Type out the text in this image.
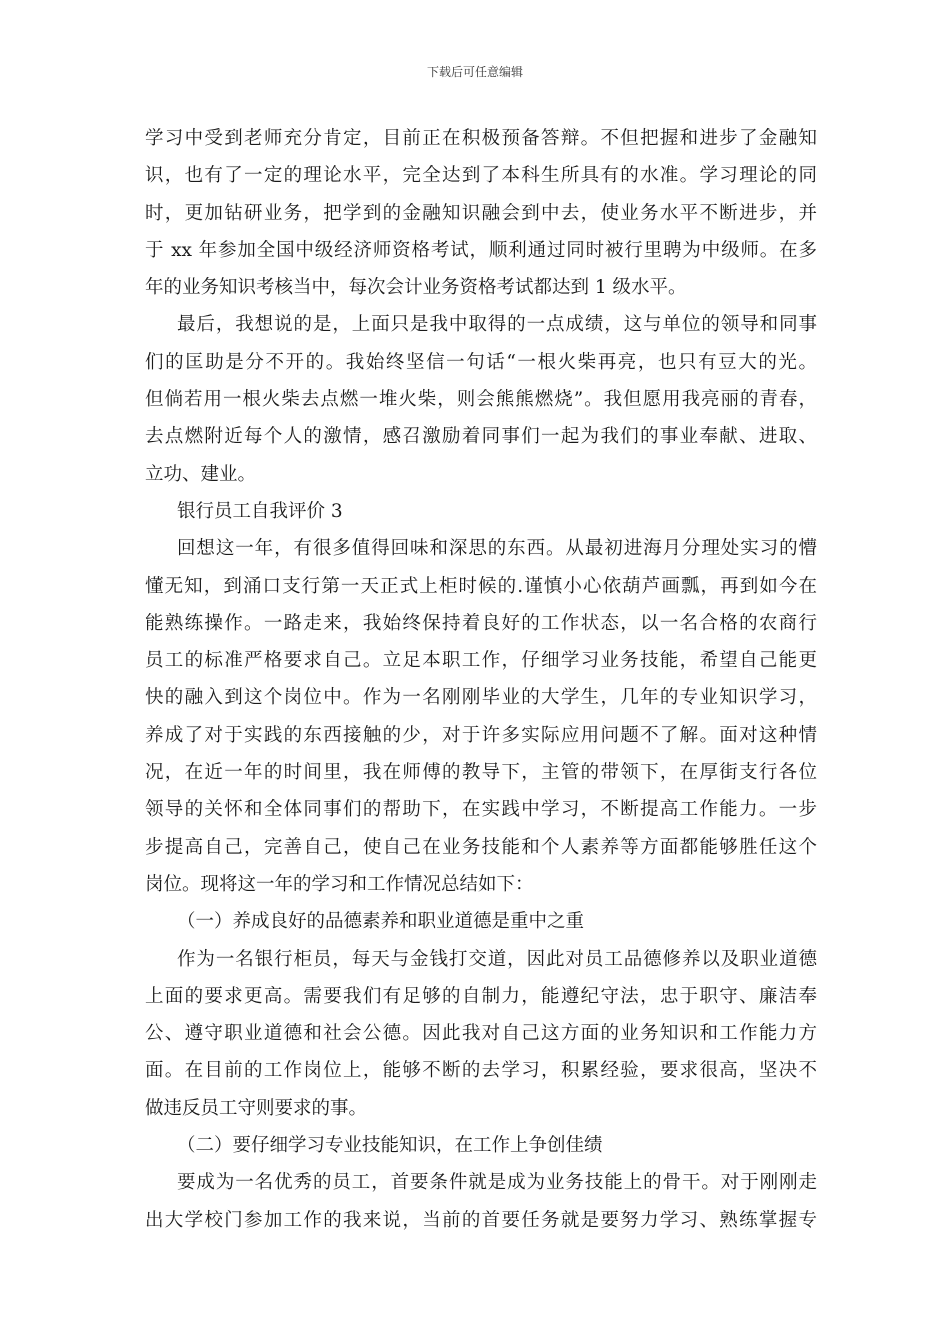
下载后可任意编辑
学习中受到老师充分肯定，目前正在积极预备答辩。不但把握和进步了金融知
识，也有了一定的理论水平，完全达到了本科生所具有的水准。学习理论的同
时，更加钻研业务，把学到的金融知识融会到中去，使业务水平不断进步，并
于 xx 年参加全国中级经济师资格考试，顺利通过同时被行里聘为中级师。在多
年的业务知识考核当中，每次会计业务资格考试都达到 1 级水平。
最后，我想说的是，上面只是我中取得的一点成绩，这与单位的领导和同事
们的匡助是分不开的。我始终坚信一句话“一根火柴再亮，也只有豆大的光。
但倘若用一根火柴去点燃一堆火柴，则会熊熊燃烧”。我但愿用我亮丽的青春，
去点燃附近每个人的激情，感召激励着同事们一起为我们的事业奉献、进取、
立功、建业。
银行员工自我评价 3
回想这一年，有很多值得回味和深思的东西。从最初进海月分理处实习的懵
懂无知，到涌口支行第一天正式上柜时候的.谨慎小心依葫芦画瓢，再到如今在
能熟练操作。一路走来，我始终保持着良好的工作状态，以一名合格的农商行
员工的标准严格要求自己。立足本职工作，仔细学习业务技能，希望自己能更
快的融入到这个岗位中。作为一名刚刚毕业的大学生，几年的专业知识学习，
养成了对于实践的东西接触的少，对于许多实际应用问题不了解。面对这种情
况，在近一年的时间里，我在师傅的教导下，主管的带领下，在厚街支行各位
领导的关怀和全体同事们的帮助下，在实践中学习，不断提高工作能力。一步
步提高自己，完善自己，使自己在业务技能和个人素养等方面都能够胜任这个
岗位。现将这一年的学习和工作情况总结如下：
（一）养成良好的品德素养和职业道德是重中之重
作为一名银行柜员，每天与金钱打交道，因此对员工品德修养以及职业道德
上面的要求更高。需要我们有足够的自制力，能遵纪守法，忠于职守、廉洁奉
公、遵守职业道德和社会公德。因此我对自己这方面的业务知识和工作能力方
面。在目前的工作岗位上，能够不断的去学习，积累经验，要求很高，坚决不
做违反员工守则要求的事。
（二）要仔细学习专业技能知识，在工作上争创佳绩
要成为一名优秀的员工，首要条件就是成为业务技能上的骨干。对于刚刚走
出大学校门参加工作的我来说，当前的首要任务就是要努力学习、熟练掌握专
